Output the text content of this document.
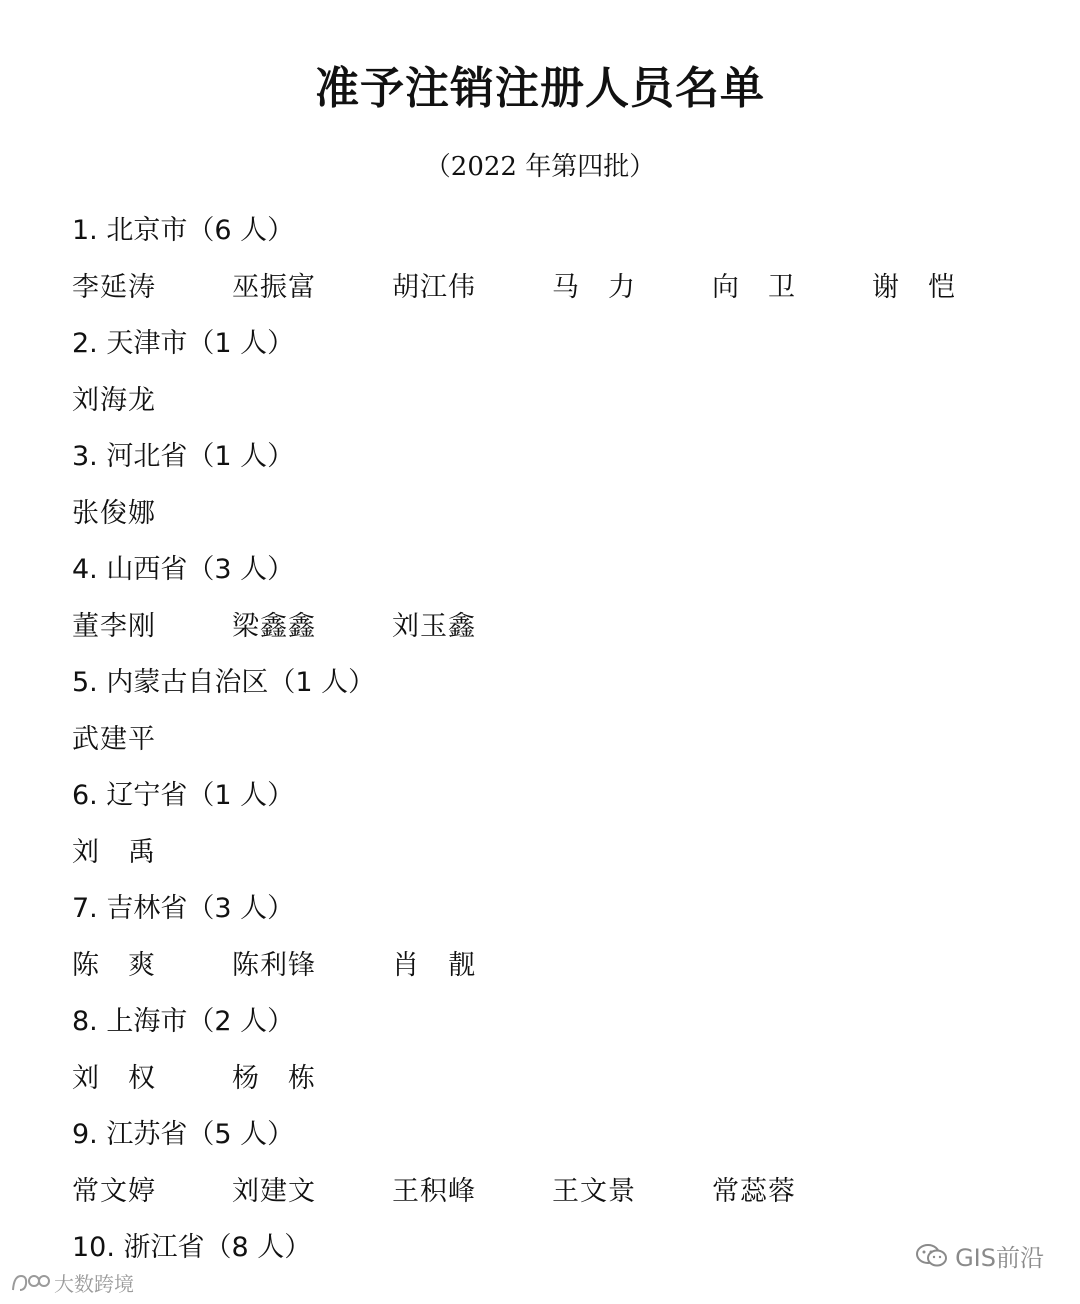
准予注销注册人员名单
（2022 年第四批）
1. 北京市（6 人）
李延涛	巫振富	胡江伟	马　力	向　卫	谢　恺
2. 天津市（1 人）
刘海龙
3. 河北省（1 人）
张俊娜
4. 山西省（3 人）
董李刚	梁鑫鑫	刘玉鑫
5. 内蒙古自治区（1 人）
武建平
6. 辽宁省（1 人）
刘　禹
7. 吉林省（3 人）
陈　爽	陈利锋	肖　靓
8. 上海市（2 人）
刘　权	杨　栋
9. 江苏省（5 人）
常文婷	刘建文	王积峰	王文景	常蕊蓉
10. 浙江省（8 人）	GIS前沿
大数跨境
